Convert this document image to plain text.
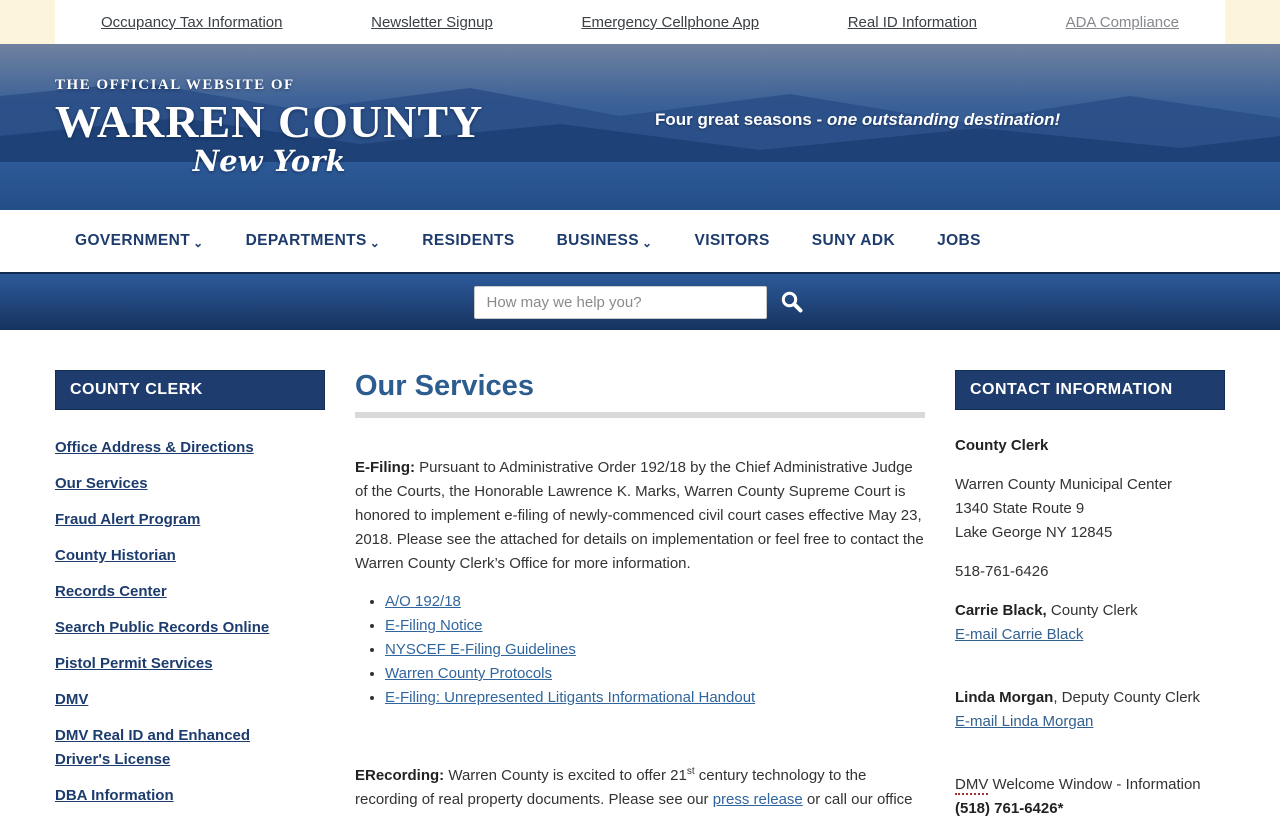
Occupancy Tax Information	Newsletter Signup	Emergency Cellphone App	Real ID Information	ADA Compliance
THE OFFICIAL WEBSITE OF
WARREN COUNTY
New York
Four great seasons - one outstanding destination!
GOVERNMENT ⌄	DEPARTMENTS ⌄	RESIDENTS	BUSINESS ⌄	VISITORS	SUNY ADK	JOBS
How may we help you?
COUNTY CLERK
Office Address & Directions
Our Services
Fraud Alert Program
County Historian
Records Center
Search Public Records Online
Pistol Permit Services
DMV
DMV Real ID and Enhanced Driver's License
DBA Information
Our Services

E-Filing: Pursuant to Administrative Order 192/18 by the Chief Administrative Judge of the Courts, the Honorable Lawrence K. Marks, Warren County Supreme Court is honored to implement e-filing of newly-commenced civil court cases effective May 23, 2018. Please see the attached for details on implementation or feel free to contact the Warren County Clerk’s Office for more information.

• A/O 192/18
• E-Filing Notice
• NYSCEF E-Filing Guidelines
• Warren County Protocols
• E-Filing: Unrepresented Litigants Informational Handout

ERecording: Warren County is excited to offer 21st century technology to the recording of real property documents. Please see our press release or call our office

CONTACT INFORMATION
County Clerk
Warren County Municipal Center
1340 State Route 9
Lake George NY 12845
518-761-6426
Carrie Black, County Clerk
E-mail Carrie Black
Linda Morgan, Deputy County Clerk
E-mail Linda Morgan
DMV Welcome Window - Information
(518) 761-6426*
